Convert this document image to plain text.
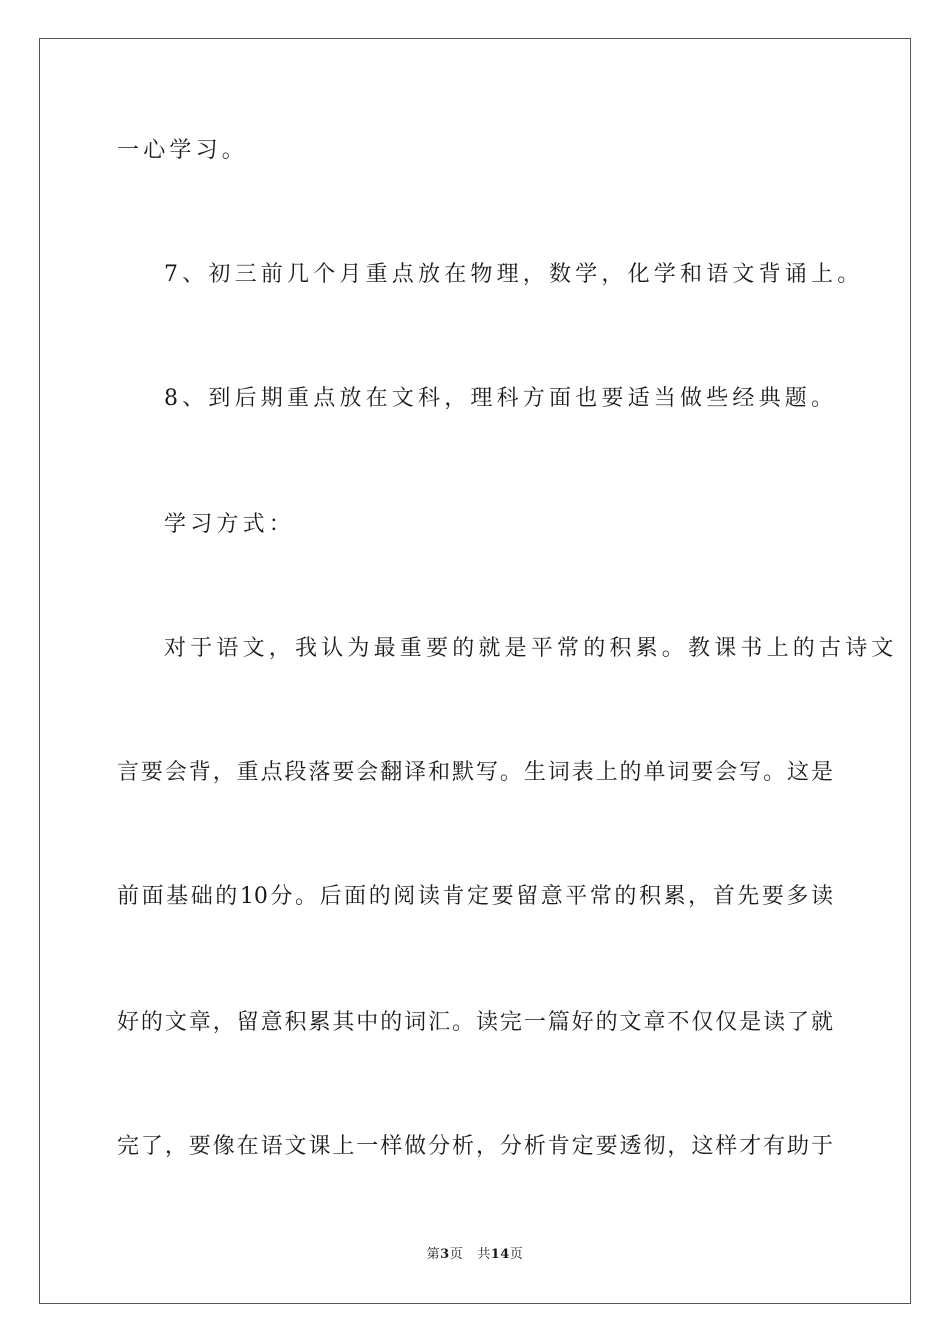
一心学习。
7、初三前几个月重点放在物理，数学，化学和语文背诵上。
8、到后期重点放在文科，理科方面也要适当做些经典题。
学习方式：
对于语文，我认为最重要的就是平常的积累。教课书上的古诗文
言要会背，重点段落要会翻译和默写。生词表上的单词要会写。这是
前面基础的10分。后面的阅读肯定要留意平常的积累，首先要多读
好的文章，留意积累其中的词汇。读完一篇好的文章不仅仅是读了就
完了，要像在语文课上一样做分析，分析肯定要透彻，这样才有助于
第3页 共14页
